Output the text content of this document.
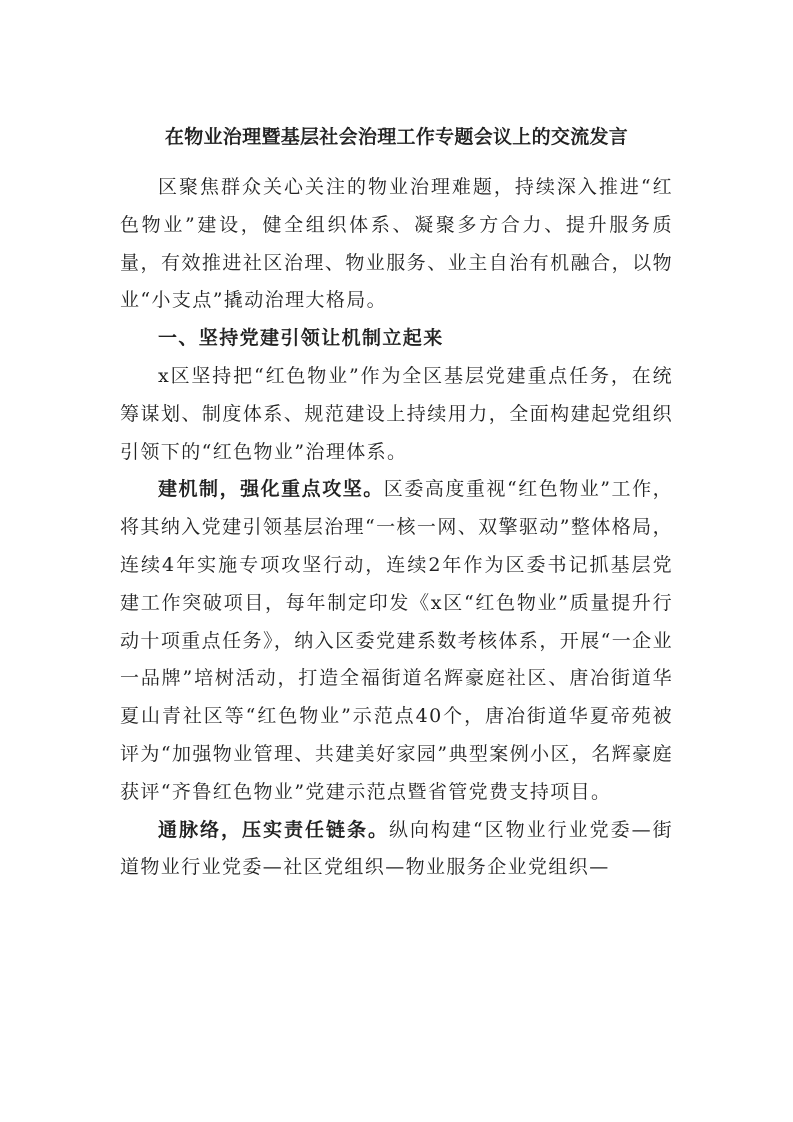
在物业治理暨基层社会治理工作专题会议上的交流发言

区聚焦群众关心关注的物业治理难题，持续深入推进“红色物业”建设，健全组织体系、凝聚多方合力、提升服务质量，有效推进社区治理、物业服务、业主自治有机融合，以物业“小支点”撬动治理大格局。

一、坚持党建引领让机制立起来

x区坚持把“红色物业”作为全区基层党建重点任务，在统筹谋划、制度体系、规范建设上持续用力，全面构建起党组织引领下的“红色物业”治理体系。

建机制，强化重点攻坚。区委高度重视“红色物业”工作，将其纳入党建引领基层治理“一核一网、双擎驱动”整体格局，连续4年实施专项攻坚行动，连续2年作为区委书记抓基层党建工作突破项目，每年制定印发《x区“红色物业”质量提升行动十项重点任务》，纳入区委党建系数考核体系，开展“一企业一品牌”培树活动，打造全福街道名辉豪庭社区、唐冶街道华夏山青社区等“红色物业”示范点40个，唐冶街道华夏帝苑被评为“加强物业管理、共建美好家园”典型案例小区，名辉豪庭获评“齐鲁红色物业”党建示范点暨省管党费支持项目。

通脉络，压实责任链条。纵向构建“区物业行业党委—街道物业行业党委—社区党组织—物业服务企业党组织—
